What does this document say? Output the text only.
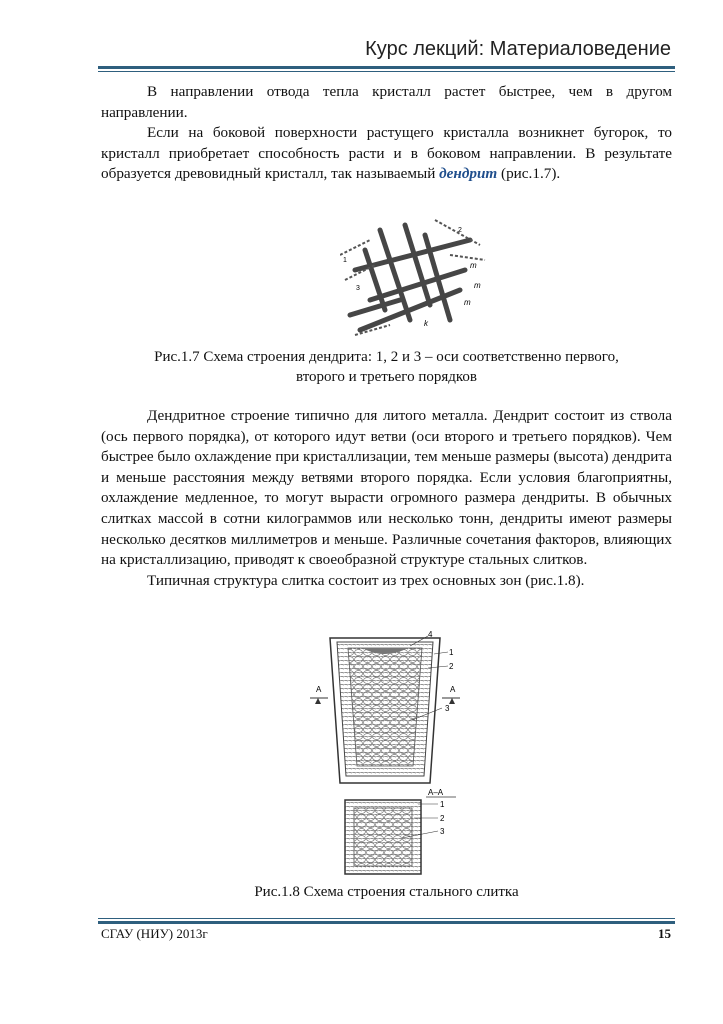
Курс лекций: Материаловедение

В направлении отвода тепла кристалл растет быстрее, чем в другом направлении.

Если на боковой поверхности растущего кристалла возникнет бугорок, то кристалл приобретает способность расти и в боковом направлении. В результате образуется древовидный кристалл, так называемый дендрит (рис.1.7).

m
m
m
k
1
2
3
Рис.1.7 Схема строения дендрита: 1, 2 и 3 – оси соответственно первого,
второго и третьего порядков

Дендритное строение типично для литого металла. Дендрит состоит из ствола (ось первого порядка), от которого идут ветви (оси второго и третьего порядков). Чем быстрее было охлаждение при кристаллизации, тем меньше размеры (высота) дендрита и меньше расстояния между ветвями второго порядка. Если условия благоприятны, охлаждение медленное, то могут вырасти огромного размера дендриты. В обычных слитках массой в сотни килограммов или несколько тонн, дендриты имеют размеры несколько десятков миллиметров и меньше. Различные сочетания факторов, влияющих на кристаллизацию, приводят к своеобразной структуре стальных слитков.

Типичная структура слитка состоит из трех основных зон (рис.1.8).

4
1
2
3
A	A
A–A
1
2
3
Рис.1.8 Схема строения стального слитка
СГАУ (НИУ) 2013г	15
